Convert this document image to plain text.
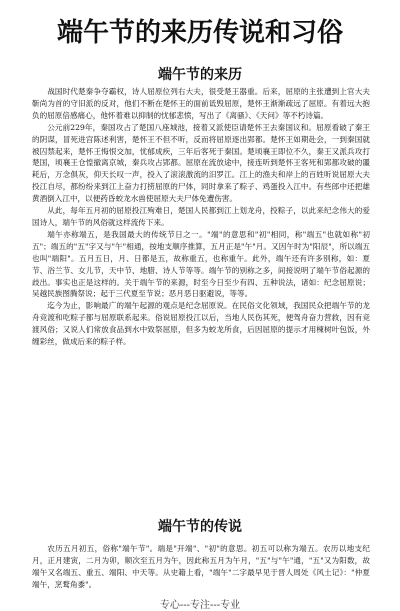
端午节的来历传说和习俗
端午节的来历

战国时代楚秦争夺霸权，诗人屈原位列右大夫，很受楚王器重。后来，屈原的主张遭到上官大夫靳尚为首的守旧派的反对，他们不断在楚怀王的面前诋毁屈原，楚怀王渐渐疏远了屈原。有着远大抱负的屈原倍感痛心，他怀着难以抑制的忧郁悲愤，写出了《离骚》、《天问》等不朽诗篇。

公元前229年，秦国攻占了楚国八座城池，接着又派使臣请楚怀王去秦国议和。屈原看破了秦王的阴谋，冒死进宫陈述利害，楚怀王不但不听，反而将屈原逐出郢都。楚怀王如期赴会，一到秦国就被囚禁起来，楚怀王悔恨交加，忧郁成疾，三年后客死于秦国。楚顷襄王即位不久，秦王又派兵攻打楚国，顷襄王仓惶撤离京城，秦兵攻占郢都。屈原在流放途中，接连听到楚怀王客死和郢都攻破的噩耗后，万念俱灰，仰天长叹一声，投入了滚滚激流的汨罗江。江上的渔夫和岸上的百姓听说屈原大夫投江自尽，都纷纷来到江上奋力打捞屈原的尸体，同时拿来了粽子、鸡蛋投入江中。有些郎中还把雄黄酒倒入江中，以便药昏蛟龙水兽使屈原大夫尸体免遭伤害。

从此，每年五月初的屈原投江殉难日，楚国人民都到江上划龙舟，投粽子，以此来纪念伟大的爱国诗人，端午节的风俗就这样流传下来。

端午亦称端五，是我国最大的传统节日之一。"端"的意思和"初"相同，称"端五"也就如称"初五"；端五的"五"字又与"午"相通，按地支顺序推算，五月正是"午"月。又因午时为"阳辰"，所以端五也叫"端阳"。五月五日，月、日都是五，故称重五，也称重午。此外，端午还有许多别称，如：夏节、浴兰节、女儿节，天中节、地腊、诗人节等等。端午节的别称之多，间接说明了端午节俗起源的歧出。事实也正是这样的。关于端午节的来源，时至今日至少有四、五种说法，诸如：纪念屈原说；吴越民族图腾祭说；起于三代夏至节说；恶月恶日驱避说，等等。

迄今为止，影响最广的端午起源的观点是纪念屈原说。在民俗文化领域，我国民众把端午节的龙舟竞渡和吃粽子都与屈原联系起来。俗说屈原投江以后，当地人民伤其死，便驾舟奋力营救，因有竞渡风俗；又说人们常放食品到水中致祭屈原，但多为蛟龙所食，后因屈原的提示才用楝树叶包饭，外缠彩丝，做成后来的粽子样。

端午节的传说

农历五月初五，俗称"端午节"。端是"开端"、"初"的意思。初五可以称为端五。农历以地支纪月，正月建寅，二月为卯，顺次至五月为午，因此称五月为午月，"五"与"午"通，"五"又为阳数，故端午又名端五、重五、端阳、中天等。从史籍上看，"端午"二字最早见于晋人周处《风土记》："仲夏端午，烹鹜角黍"。

专心---专注---专业
